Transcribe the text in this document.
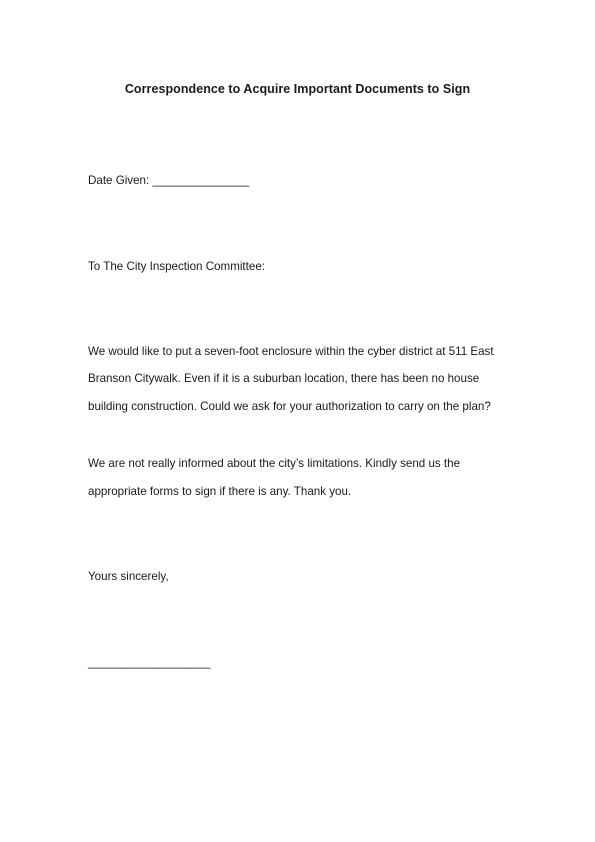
Correspondence to Acquire Important Documents to Sign
Date Given: _______________
To The City Inspection Committee:
We would like to put a seven-foot enclosure within the cyber district at 511 East
Branson Citywalk. Even if it is a suburban location, there has been no house
building construction. Could we ask for your authorization to carry on the plan?
We are not really informed about the city’s limitations. Kindly send us the
appropriate forms to sign if there is any. Thank you.
Yours sincerely,
___________________
